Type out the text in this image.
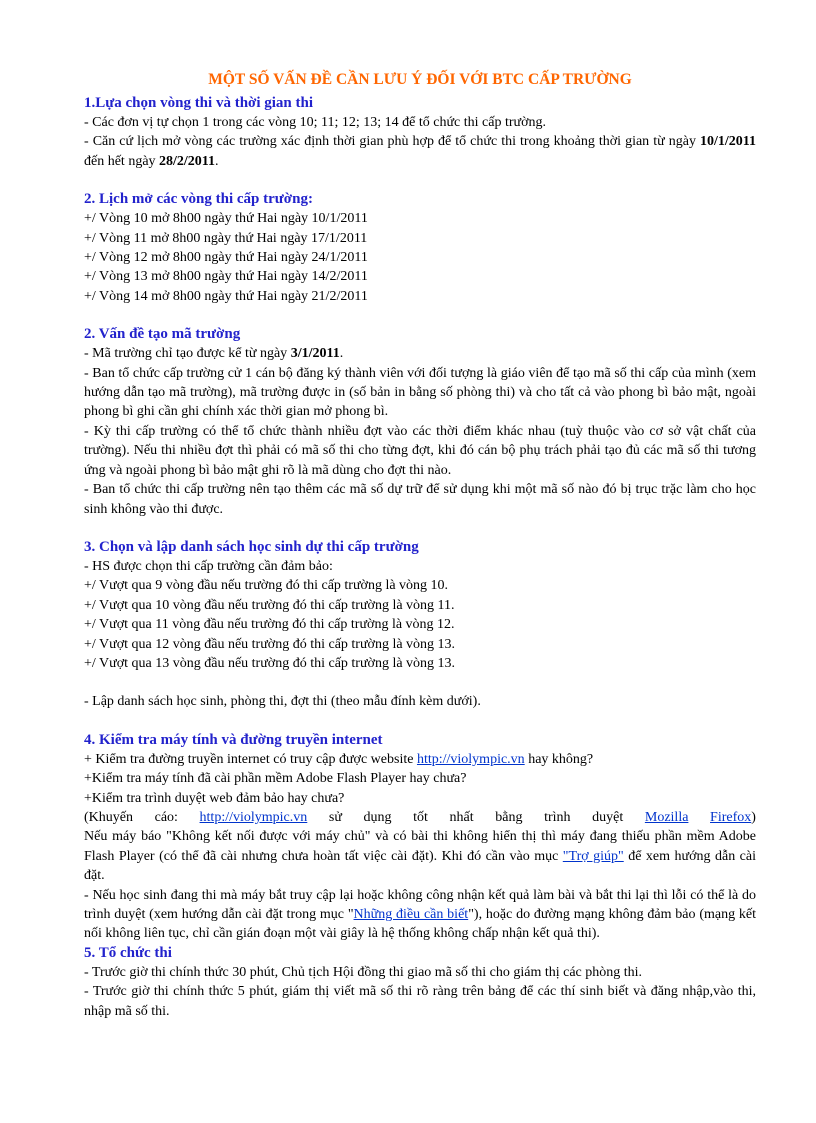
MỘT SỐ VẤN ĐỀ CẦN LƯU Ý ĐỐI VỚI BTC CẤP TRƯỜNG

1.Lựa chọn vòng thi và thời gian thi

- Các đơn vị tự chọn 1 trong các vòng 10; 11; 12; 13; 14 để tổ chức thi cấp trường.

- Căn cứ lịch mở vòng các trường xác định thời gian phù hợp để tổ chức thi trong khoảng thời gian từ ngày 10/1/2011 đến hết ngày 28/2/2011.

2. Lịch mở các vòng thi cấp trường:

+/ Vòng 10 mở 8h00 ngày thứ Hai ngày 10/1/2011

+/ Vòng 11 mở 8h00 ngày thứ Hai ngày 17/1/2011

+/ Vòng 12 mở 8h00 ngày thứ Hai ngày 24/1/2011

+/ Vòng 13 mở 8h00 ngày thứ Hai ngày 14/2/2011

+/ Vòng 14 mở 8h00 ngày thứ Hai ngày 21/2/2011

2. Vấn đề tạo mã trường

- Mã trường chỉ tạo được kể từ ngày 3/1/2011.

- Ban tổ chức cấp trường cử 1 cán bộ đăng ký thành viên với đối tượng là giáo viên để tạo mã số thi cấp của mình (xem hướng dẫn tạo mã trường), mã trường được in (số bản in bằng số phòng thi) và cho tất cả vào phong bì bảo mật, ngoài phong bì ghi cần ghi chính xác thời gian mở phong bì.

- Kỳ thi cấp trường có thể tổ chức thành nhiều đợt vào các thời điểm khác nhau (tuỳ thuộc vào cơ sở vật chất của trường). Nếu thi nhiều đợt thì phải có mã số thi cho từng đợt, khi đó cán bộ phụ trách phải tạo đủ các mã số thi tương ứng và ngoài phong bì bảo mật ghi rõ là mã dùng cho đợt thi nào.

- Ban tổ chức thi cấp trường nên tạo thêm các mã số dự trữ để sử dụng khi một mã số nào đó bị trục trặc làm cho học sinh không vào thi được.

3. Chọn và lập danh sách học sinh dự thi cấp trường

- HS được chọn thi cấp trường cần đảm bảo:

+/ Vượt qua 9 vòng đầu nếu trường đó thi cấp trường là vòng 10.

+/ Vượt qua 10 vòng đầu nếu trường đó thi cấp trường là vòng 11.

+/ Vượt qua 11 vòng đầu nếu trường đó thi cấp trường là vòng 12.

+/ Vượt qua 12 vòng đầu nếu trường đó thi cấp trường là vòng 13.

+/ Vượt qua 13 vòng đầu nếu trường đó thi cấp trường là vòng 13.

- Lập danh sách học sinh, phòng thi, đợt thi (theo mẫu đính kèm dưới).

4. Kiểm tra máy tính và đường truyền internet

+ Kiểm tra đường truyền internet có truy cập được website http://violympic.vn hay không?

+Kiểm tra máy tính đã cài phần mềm Adobe Flash Player hay chưa?

+Kiểm tra trình duyệt web đảm bảo hay chưa?

(Khuyến cáo: http://violympic.vn sử dụng tốt nhất bằng trình duyệt Mozilla Firefox)

Nếu máy báo "Không kết nối được với máy chủ" và có bài thi không hiển thị thì máy đang thiếu phần mềm Adobe Flash Player (có thể đã cài nhưng chưa hoàn tất việc cài đặt). Khi đó cần vào mục "Trợ giúp" để xem hướng dẫn cài đặt.

- Nếu học sinh đang thi mà máy bắt truy cập lại hoặc không công nhận kết quả làm bài và bắt thi lại thì lỗi có thể là do trình duyệt (xem hướng dẫn cài đặt trong mục "Những điều cần biết"), hoặc do đường mạng không đảm bảo (mạng kết nối không liên tục, chỉ cần gián đoạn một vài giây là hệ thống không chấp nhận kết quả thi).

5. Tổ chức thi

- Trước giờ thi chính thức 30 phút, Chủ tịch Hội đồng thi giao mã số thi cho giám thị các phòng thi.

- Trước giờ thi chính thức 5 phút, giám thị viết mã số thi rõ ràng trên bảng để các thí sinh biết và đăng nhập,vào thi, nhập mã số thi.
